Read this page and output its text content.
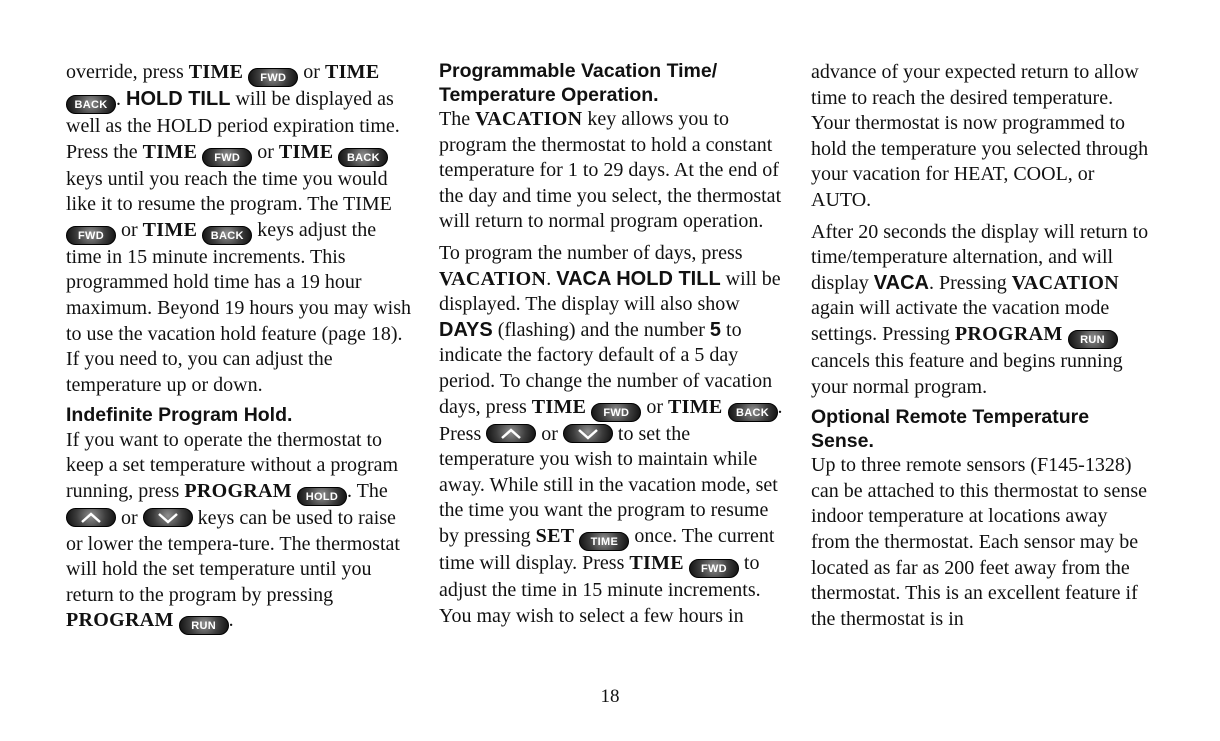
override, press TIME FWD or TIME BACK . HOLD TILL will be displayed as well as the HOLD period expiration time. Press the TIME FWD or TIME BACK keys until you reach the time you would like it to resume the program. The TIME FWD or TIME BACK keys adjust the time in 15 minute increments. This programmed hold time has a 19 hour maximum. Beyond 19 hours you may wish to use the vacation hold feature (page 18). If you need to, you can adjust the temperature up or down.

Indefinite Program Hold.

If you want to operate the thermostat to keep a set temperature without a program running, press PROGRAM HOLD . The
or	keys can be used to raise or lower the tempera-ture. The thermostat will hold the set temperature until you return to the program by pressing PROGRAM RUN .

Programmable Vacation Time/ Temperature Operation.

The VACATION key allows you to program the thermostat to hold a constant temperature for 1 to 29 days. At the end of the day and time you select, the thermostat will return to normal program operation.

To program the number of days, press VACATION. VACA HOLD TILL will be displayed. The display will also show DAYS (flashing) and the number 5 to indicate the factory default of a 5 day period. To change the number of vacation days, press TIME FWD or TIME BACK . Press	or	to set the temperature you wish to maintain while away. While still in the vacation mode, set the time you want the program to resume by pressing SET TIME once. The current time will display. Press TIME FWD to adjust the time in 15 minute increments. You may wish to select a few hours in

advance of your expected return to allow time to reach the desired temperature. Your thermostat is now programmed to hold the temperature you selected through your vacation for HEAT, COOL, or AUTO.

After 20 seconds the display will return to time/temperature alternation, and will display VACA. Pressing VACATION again will activate the vacation mode settings. Pressing PROGRAM RUN cancels this feature and begins running your normal program.

Optional Remote Temperature Sense.

Up to three remote sensors (F145-1328) can be attached to this thermostat to sense indoor temperature at locations away from the thermostat. Each sensor may be located as far as 200 feet away from the thermostat. This is an excellent feature if the thermostat is in

18
